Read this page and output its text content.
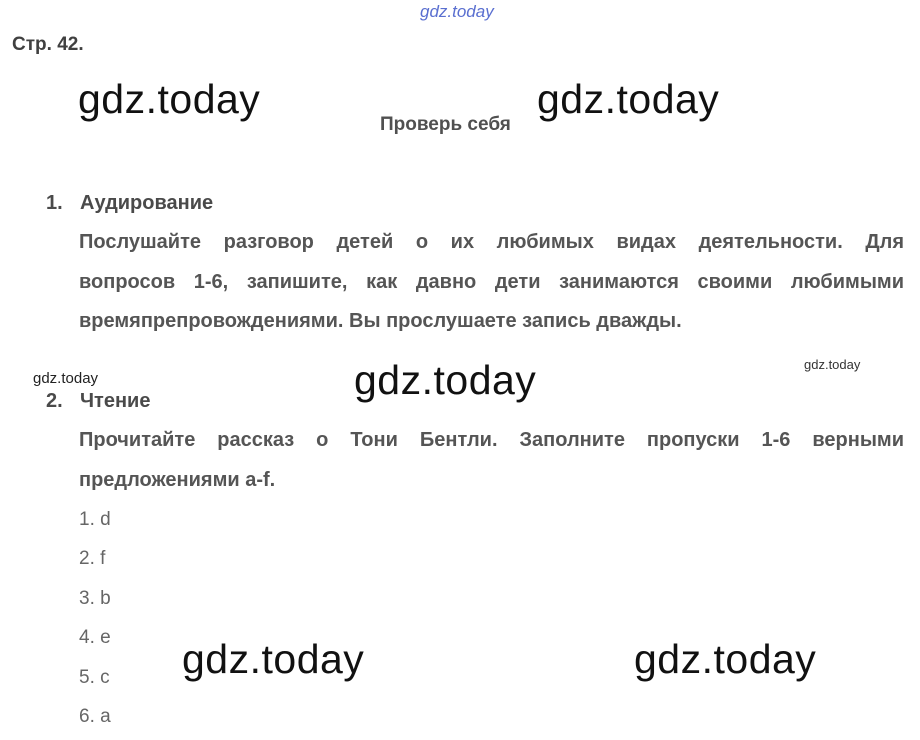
gdz.today
Стр. 42.
gdz.today	gdz.today
Проверь себя
1. Аудирование
Послушайте разговор детей о их любимых видах деятельности. Для
вопросов 1-6, запишите, как давно дети занимаются своими любимыми
времяпрепровождениями. Вы прослушаете запись дважды.
gdz.today	gdz.today	gdz.today
2. Чтение
Прочитайте рассказ о Тони Бентли. Заполните пропуски 1-6 верными
предложениями a-f.
1. d
2. f
3. b
4. e
5. c
6. a
gdz.today	gdz.today
